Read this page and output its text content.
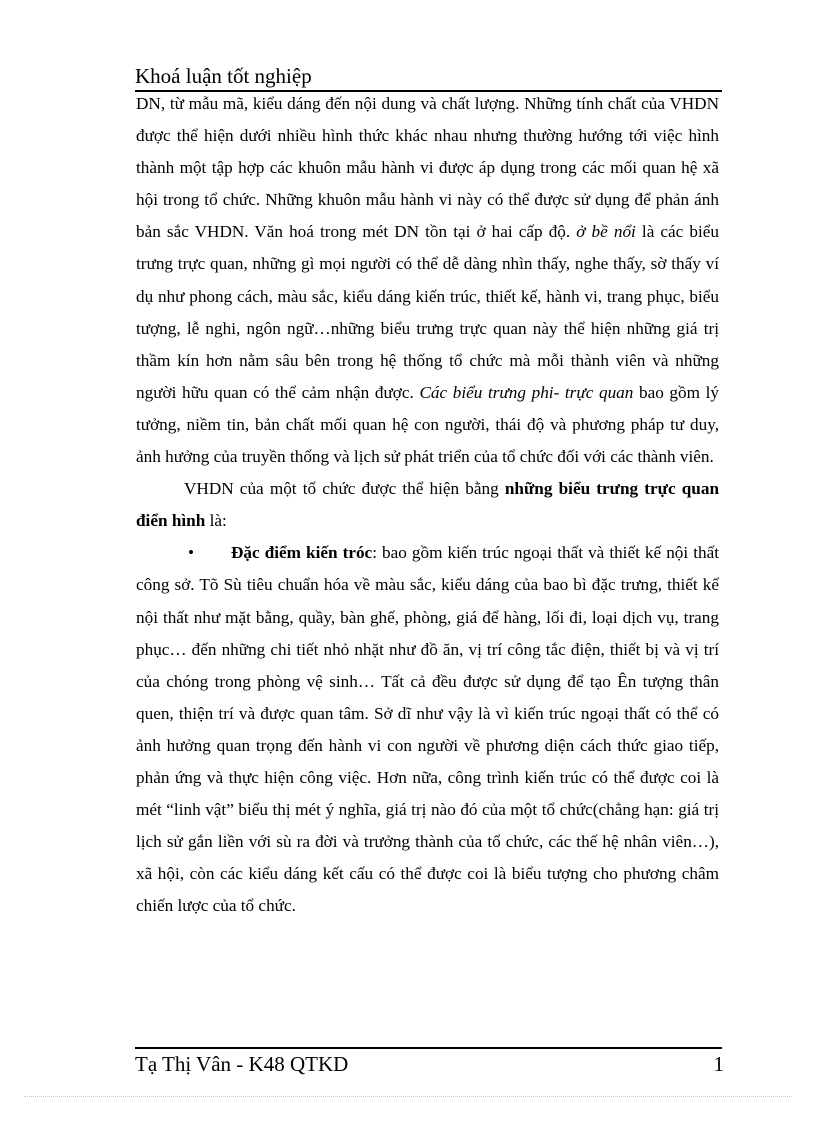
Khoá luận tốt nghiệp

DN, từ mẫu mã, kiểu dáng đến nội dung và chất lượng. Những tính chất của VHDN được thể hiện dưới nhiều hình thức khác nhau nhưng thường hướng tới việc hình thành một tập hợp các khuôn mẫu hành vi được áp dụng trong các mối quan hệ xã hội trong tổ chức. Những khuôn mẫu hành vi này có thể được sử dụng để phản ánh bản sắc VHDN. Văn hoá trong mét DN tồn tại ở hai cấp độ. ở bề nổi là các biểu trưng trực quan, những gì mọi người có thể dễ dàng nhìn thấy, nghe thấy, sờ thấy ví dụ như phong cách, màu sắc, kiểu dáng kiến trúc, thiết kế, hành vi, trang phục, biểu tượng, lễ nghi, ngôn ngữ…những biểu trưng trực quan này thể hiện những giá trị thầm kín hơn nằm sâu bên trong hệ thống tổ chức mà mỗi thành viên và những người hữu quan có thể cảm nhận được. Các biểu trưng phi- trực quan bao gồm lý tưởng, niềm tin, bản chất mối quan hệ con người, thái độ và phương pháp tư duy, ảnh hưởng của truyền thống và lịch sử phát triển của tổ chức đối với các thành viên.

VHDN của một tổ chức được thể hiện bằng những biểu trưng trực quan điển hình là:

• Đặc điểm kiến tróc: bao gồm kiến trúc ngoại thất và thiết kế nội thất công sở. Tõ Sù tiêu chuẩn hóa về màu sắc, kiểu dáng của bao bì đặc trưng, thiết kế nội thất như mặt bằng, quầy, bàn ghế, phòng, giá để hàng, lối đi, loại dịch vụ, trang phục… đến những chi tiết nhỏ nhặt như đồ ăn, vị trí công tắc điện, thiết bị và vị trí của chóng trong phòng vệ sinh… Tất cả đều được sử dụng để tạo Ên tượng thân quen, thiện trí và được quan tâm. Sở dĩ như vậy là vì kiến trúc ngoại thất có thể có ảnh hưởng quan trọng đến hành vi con người về phương diện cách thức giao tiếp, phản ứng và thực hiện công việc. Hơn nữa, công trình kiến trúc có thể được coi là mét “linh vật” biểu thị mét ý nghĩa, giá trị nào đó của một tổ chức(chẳng hạn: giá trị lịch sử gắn liền với sù ra đời và trưởng thành của tổ chức, các thế hệ nhân viên…), xã hội, còn các kiểu dáng kết cấu có thể được coi là biểu tượng cho phương châm chiến lược của tổ chức.

Tạ Thị Vân - K48 QTKD	1
